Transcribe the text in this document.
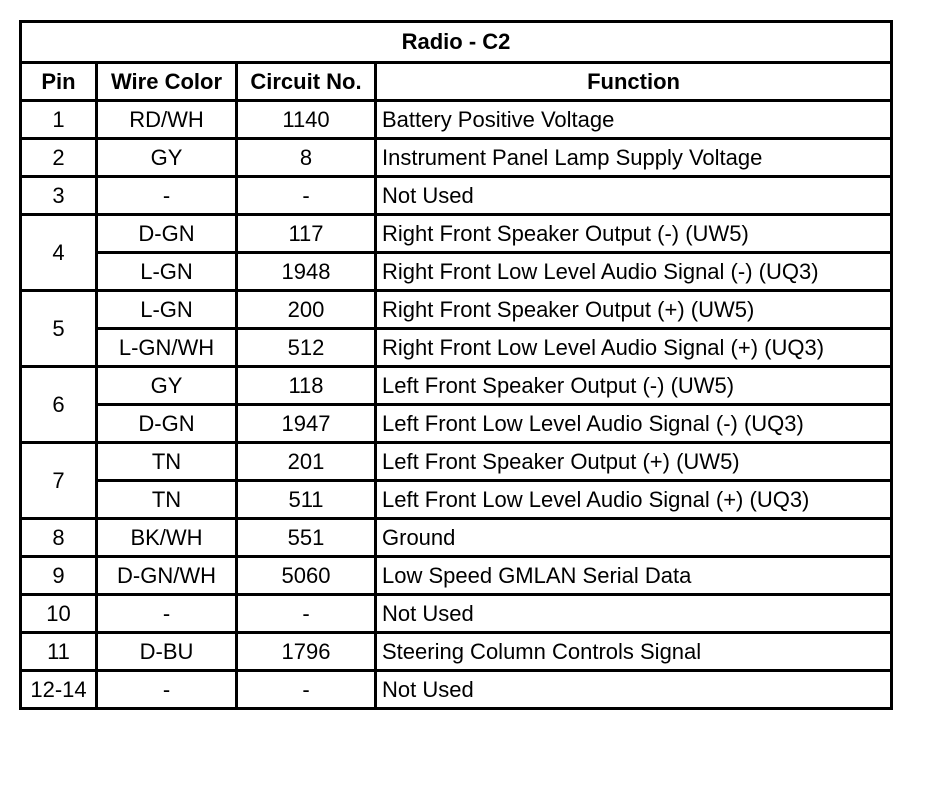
Radio - C2			
Pin	Wire Color	Circuit No.	Function
1	RD/WH	1140	Battery Positive Voltage
2	GY	8	Instrument Panel Lamp Supply Voltage
3	-	-	Not Used
4	D-GN	117	Right Front Speaker Output (-) (UW5)
	L-GN	1948	Right Front Low Level Audio Signal (-) (UQ3)
5	L-GN	200	Right Front Speaker Output (+) (UW5)
	L-GN/WH	512	Right Front Low Level Audio Signal (+) (UQ3)
6	GY	118	Left Front Speaker Output (-) (UW5)
	D-GN	1947	Left Front Low Level Audio Signal (-) (UQ3)
7	TN	201	Left Front Speaker Output (+) (UW5)
	TN	511	Left Front Low Level Audio Signal (+) (UQ3)
8	BK/WH	551	Ground
9	D-GN/WH	5060	Low Speed GMLAN Serial Data
10	-	-	Not Used
11	D-BU	1796	Steering Column Controls Signal
12-14	-	-	Not Used
